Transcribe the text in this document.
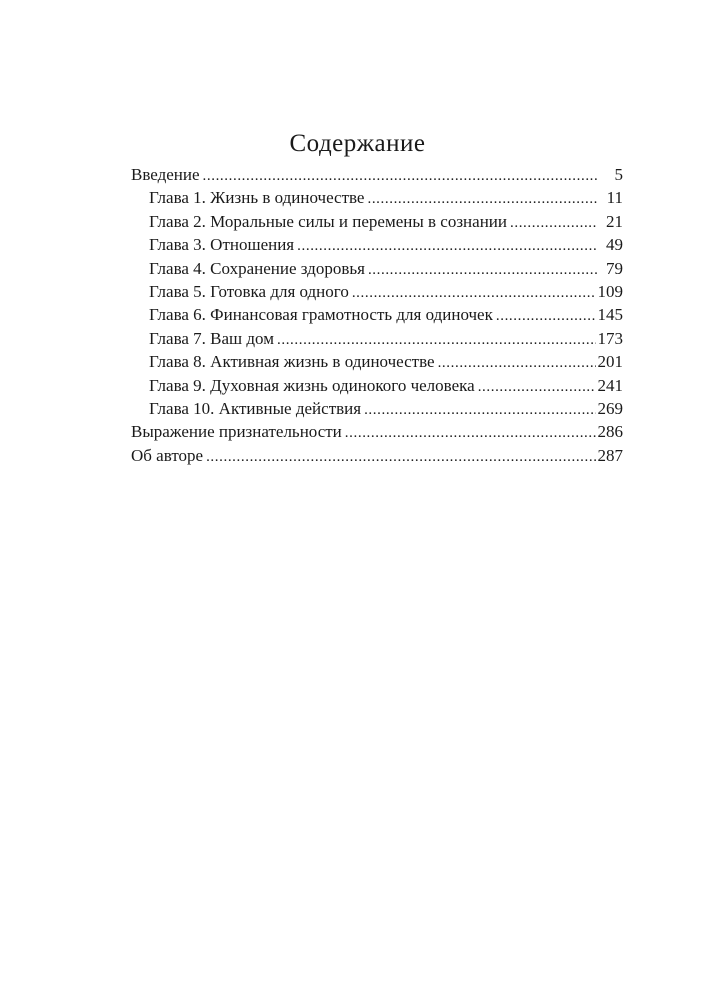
Содержание
Введение .....	5
Глава 1. Жизнь в одиночестве .....	11
Глава 2. Моральные силы и перемены в сознании .....	21
Глава 3. Отношения .....	49
Глава 4. Сохранение здоровья .....	79
Глава 5. Готовка для одного .....	109
Глава 6. Финансовая грамотность для одиночек .....	145
Глава 7. Ваш дом .....	173
Глава 8. Активная жизнь в одиночестве .....	201
Глава 9. Духовная жизнь одинокого человека .....	241
Глава 10. Активные действия .....	269
Выражение признательности .....	286
Об авторе .....	287
